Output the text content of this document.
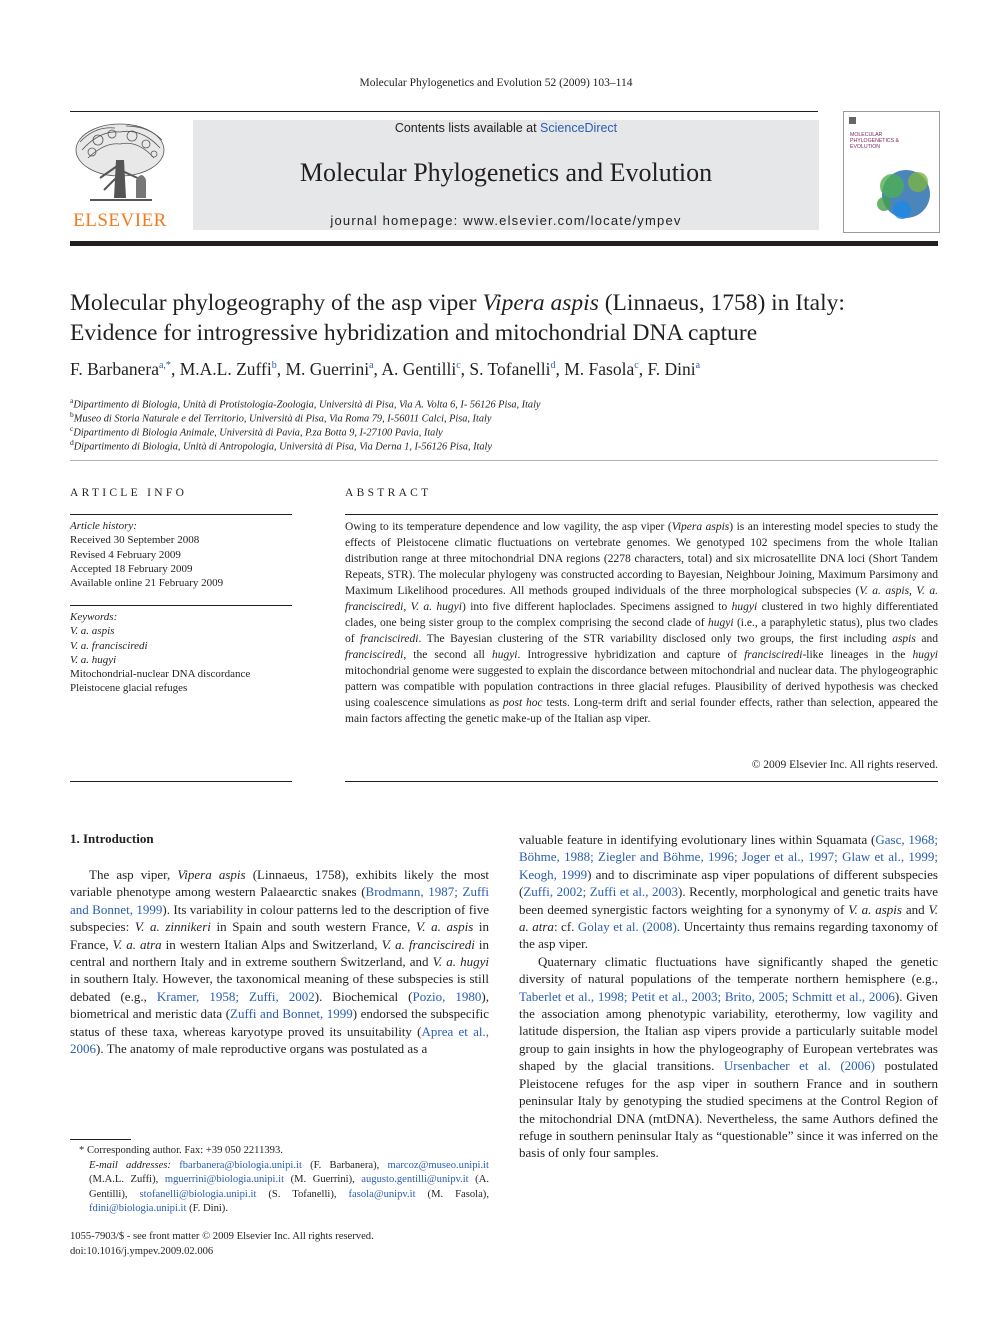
Molecular Phylogenetics and Evolution 52 (2009) 103–114
ELSEVIER
Contents lists available at ScienceDirect
Molecular Phylogenetics and Evolution
journal homepage: www.elsevier.com/locate/ympev
MOLECULAR PHYLOGENETICS & EVOLUTION
Molecular phylogeography of the asp viper Vipera aspis (Linnaeus, 1758) in Italy:
Evidence for introgressive hybridization and mitochondrial DNA capture
F. Barbanera$^{a,*}$, M.A.L. Zuffi$^b$, M. Guerrini$^a$, A. Gentilli$^c$, S. Tofanelli$^d$, M. Fasola$^c$, F. Dini$^a$
$^a$Dipartimento di Biologia, Unità di Protistologia-Zoologia, Università di Pisa, Via A. Volta 6, I- 56126 Pisa, Italy
$^b$Museo di Storia Naturale e del Territorio, Università di Pisa, Via Roma 79, I-56011 Calci, Pisa, Italy
$^c$Dipartimento di Biologia Animale, Università di Pavia, P.za Botta 9, I-27100 Pavia, Italy
$^d$Dipartimento di Biologia, Unità di Antropologia, Università di Pisa, Via Derna 1, I-56126 Pisa, Italy
ARTICLE INFO
Article history:
Received 30 September 2008
Revised 4 February 2009
Accepted 18 February 2009
Available online 21 February 2009
Keywords:
V. a. aspis
V. a. francisciredi
V. a. hugyi
Mitochondrial-nuclear DNA discordance
Pleistocene glacial refuges
ABSTRACT
Owing to its temperature dependence and low vagility, the asp viper (Vipera aspis) is an interesting model species to study the effects of Pleistocene climatic fluctuations on vertebrate genomes. We genotyped 102 specimens from the whole Italian distribution range at three mitochondrial DNA regions (2278 characters, total) and six microsatellite DNA loci (Short Tandem Repeats, STR). The molecular phylogeny was constructed according to Bayesian, Neighbour Joining, Maximum Parsimony and Maximum Likelihood procedures. All methods grouped individuals of the three morphological subspecies (V. a. aspis, V. a. francisciredi, V. a. hugyi) into five different haploclades. Specimens assigned to hugyi clustered in two highly differentiated clades, one being sister group to the complex comprising the second clade of hugyi (i.e., a paraphyletic status), plus two clades of francisciredi. The Bayesian clustering of the STR variability disclosed only two groups, the first including aspis and francisciredi, the second all hugyi. Introgressive hybridization and capture of francisciredi-like lineages in the hugyi mitochondrial genome were suggested to explain the discordance between mitochondrial and nuclear data. The phylogeographic pattern was compatible with population contractions in three glacial refuges. Plausibility of derived hypothesis was checked using coalescence simulations as post hoc tests. Long-term drift and serial founder effects, rather than selection, appeared the main factors affecting the genetic make-up of the Italian asp viper.
© 2009 Elsevier Inc. All rights reserved.
1. Introduction

The asp viper, Vipera aspis (Linnaeus, 1758), exhibits likely the most variable phenotype among western Palaearctic snakes (Brodmann, 1987; Zuffi and Bonnet, 1999). Its variability in colour patterns led to the description of five subspecies: V. a. zinnikeri in Spain and south western France, V. a. aspis in France, V. a. atra in western Italian Alps and Switzerland, V. a. francisciredi in central and northern Italy and in extreme southern Switzerland, and V. a. hugyi in southern Italy. However, the taxonomical meaning of these subspecies is still debated (e.g., Kramer, 1958; Zuffi, 2002). Biochemical (Pozio, 1980), biometrical and meristic data (Zuffi and Bonnet, 1999) endorsed the subspecific status of these taxa, whereas karyotype proved its unsuitability (Aprea et al., 2006). The anatomy of male reproductive organs was postulated as a

valuable feature in identifying evolutionary lines within Squamata (Gasc, 1968; Böhme, 1988; Ziegler and Böhme, 1996; Joger et al., 1997; Glaw et al., 1999; Keogh, 1999) and to discriminate asp viper populations of different subspecies (Zuffi, 2002; Zuffi et al., 2003). Recently, morphological and genetic traits have been deemed synergistic factors weighting for a synonymy of V. a. aspis and V. a. atra: cf. Golay et al. (2008). Uncertainty thus remains regarding taxonomy of the asp viper.

Quaternary climatic fluctuations have significantly shaped the genetic diversity of natural populations of the temperate northern hemisphere (e.g., Taberlet et al., 1998; Petit et al., 2003; Brito, 2005; Schmitt et al., 2006). Given the association among phenotypic variability, eterothermy, low vagility and latitude dispersion, the Italian asp vipers provide a particularly suitable model group to gain insights in how the phylogeography of European vertebrates was shaped by the glacial transitions. Ursenbacher et al. (2006) postulated Pleistocene refuges for the asp viper in southern France and in southern peninsular Italy by genotyping the studied specimens at the Control Region of the mitochondrial DNA (mtDNA). Nevertheless, the same Authors defined the refuge in southern peninsular Italy as “questionable” since it was inferred on the basis of only four samples.

* Corresponding author. Fax: +39 050 2211393.
E-mail addresses: fbarbanera@biologia.unipi.it (F. Barbanera), marcoz@museo.unipi.it (M.A.L. Zuffi), mguerrini@biologia.unipi.it (M. Guerrini), augusto.gentilli@unipv.it (A. Gentilli), stofanelli@biologia.unipi.it (S. Tofanelli), fasola@unipv.it (M. Fasola), fdini@biologia.unipi.it (F. Dini).
1055-7903/$ - see front matter © 2009 Elsevier Inc. All rights reserved.
doi:10.1016/j.ympev.2009.02.006
